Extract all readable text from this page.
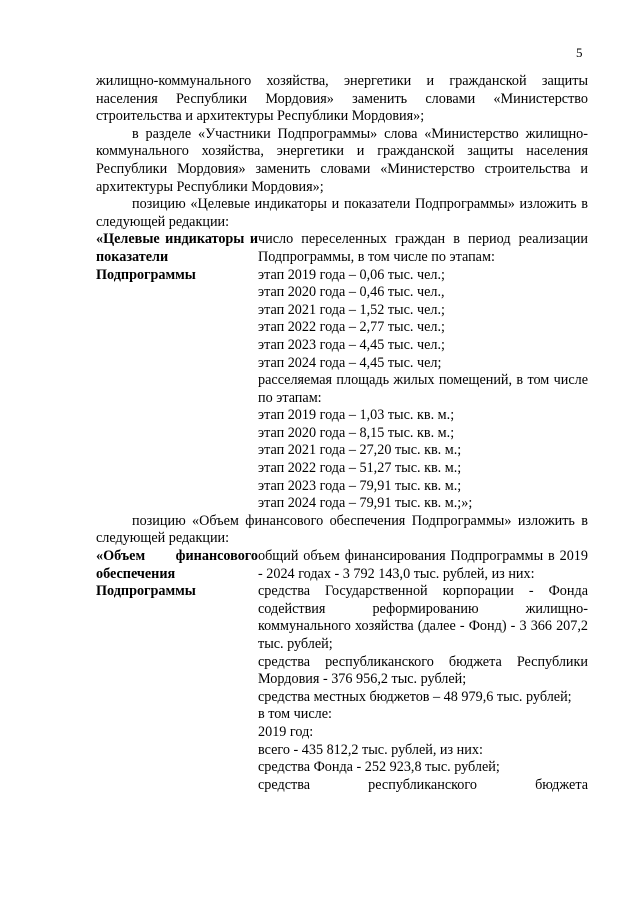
5

жилищно-коммунального хозяйства, энергетики и гражданской защиты населения Республики Мордовия» заменить словами «Министерство строительства и архитектуры Республики Мордовия»;

в разделе «Участники Подпрограммы» слова «Министерство жилищно-коммунального хозяйства, энергетики и гражданской защиты населения Республики Мордовия» заменить словами «Министерство строительства и архитектуры Республики Мордовия»;

позицию «Целевые индикаторы и показатели Подпрограммы» изложить в следующей редакции:

«Целевые индикаторы и показатели Подпрограммы

число переселенных граждан в период реализации Подпрограммы, в том числе по этапам:

этап 2019 года – 0,06 тыс. чел.;

этап 2020 года – 0,46 тыс. чел.,

этап 2021 года – 1,52 тыс. чел.;

этап 2022 года – 2,77 тыс. чел.;

этап 2023 года – 4,45 тыс. чел.;

этап 2024 года – 4,45 тыс. чел;

расселяемая площадь жилых помещений, в том числе по этапам:

этап 2019 года – 1,03 тыс. кв. м.;

этап 2020 года – 8,15 тыс. кв. м.;

этап 2021 года – 27,20 тыс. кв. м.;

этап 2022 года – 51,27 тыс. кв. м.;

этап 2023 года – 79,91 тыс. кв. м.;

этап 2024 года – 79,91 тыс. кв. м.;»;

позицию «Объем финансового обеспечения Подпрограммы» изложить в следующей редакции:

«Объем финансового обеспечения Подпрограммы

общий объем финансирования Подпрограммы в 2019 - 2024 годах - 3 792 143,0 тыс. рублей, из них:

средства Государственной корпорации - Фонда содействия реформированию жилищно-коммунального хозяйства (далее - Фонд) - 3 366 207,2 тыс. рублей;

средства республиканского бюджета Республики Мордовия - 376 956,2 тыс. рублей;

средства местных бюджетов – 48 979,6 тыс. рублей;

в том числе:

2019 год:

всего - 435 812,2 тыс. рублей, из них:

средства Фонда - 252 923,8 тыс. рублей;

средства республиканского бюджета
